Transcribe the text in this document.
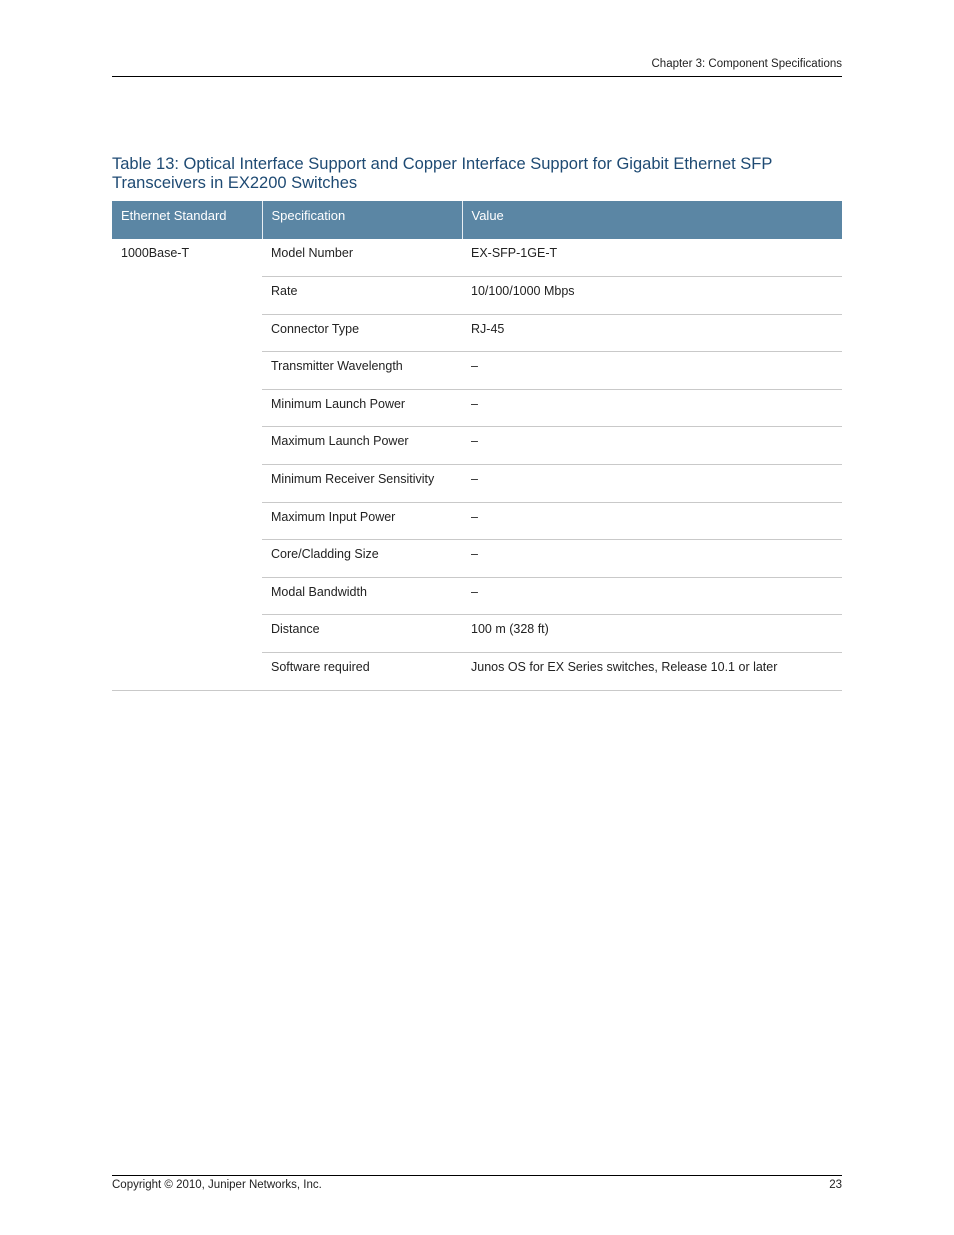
Chapter 3: Component Specifications
Table 13: Optical Interface Support and Copper Interface Support for Gigabit Ethernet SFP Transceivers in EX2200 Switches
Ethernet Standard	Specification	Value
1000Base-T	Model Number	EX-SFP-1GE-T
	Rate	10/100/1000 Mbps
	Connector Type	RJ-45
	Transmitter Wavelength	–
	Minimum Launch Power	–
	Maximum Launch Power	–
	Minimum Receiver Sensitivity	–
	Maximum Input Power	–
	Core/Cladding Size	–
	Modal Bandwidth	–
	Distance	100 m (328 ft)
	Software required	Junos OS for EX Series switches, Release 10.1 or later
Copyright © 2010, Juniper Networks, Inc.	23
